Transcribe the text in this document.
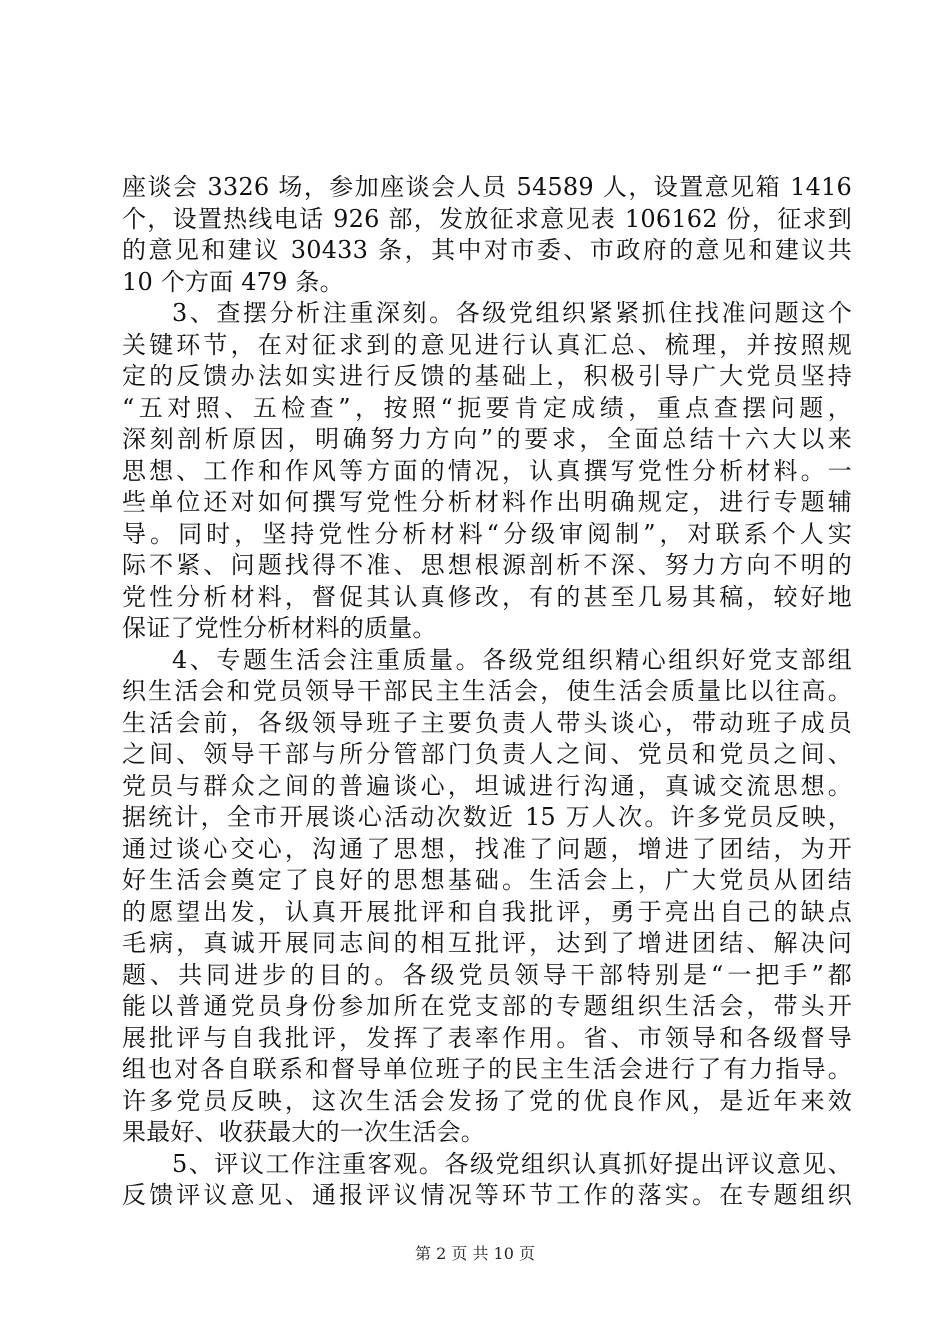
座谈会 3326 场，参加座谈会人员 54589 人，设置意见箱 1416
个，设置热线电话 926 部，发放征求意见表 106162 份，征求到
的意见和建议 30433 条，其中对市委、市政府的意见和建议共
10 个方面 479 条。
3、查摆分析注重深刻。各级党组织紧紧抓住找准问题这个
关键环节，在对征求到的意见进行认真汇总、梳理，并按照规
定的反馈办法如实进行反馈的基础上，积极引导广大党员坚持
“五对照、五检查”，按照“扼要肯定成绩，重点查摆问题，
深刻剖析原因，明确努力方向”的要求，全面总结十六大以来
思想、工作和作风等方面的情况，认真撰写党性分析材料。一
些单位还对如何撰写党性分析材料作出明确规定，进行专题辅
导。同时，坚持党性分析材料“分级审阅制”，对联系个人实
际不紧、问题找得不准、思想根源剖析不深、努力方向不明的
党性分析材料，督促其认真修改，有的甚至几易其稿，较好地
保证了党性分析材料的质量。
4、专题生活会注重质量。各级党组织精心组织好党支部组
织生活会和党员领导干部民主生活会，使生活会质量比以往高。
生活会前，各级领导班子主要负责人带头谈心，带动班子成员
之间、领导干部与所分管部门负责人之间、党员和党员之间、
党员与群众之间的普遍谈心，坦诚进行沟通，真诚交流思想。
据统计，全市开展谈心活动次数近 15 万人次。许多党员反映，
通过谈心交心，沟通了思想，找准了问题，增进了团结，为开
好生活会奠定了良好的思想基础。生活会上，广大党员从团结
的愿望出发，认真开展批评和自我批评，勇于亮出自己的缺点
毛病，真诚开展同志间的相互批评，达到了增进团结、解决问
题、共同进步的目的。各级党员领导干部特别是“一把手”都
能以普通党员身份参加所在党支部的专题组织生活会，带头开
展批评与自我批评，发挥了表率作用。省、市领导和各级督导
组也对各自联系和督导单位班子的民主生活会进行了有力指导。
许多党员反映，这次生活会发扬了党的优良作风，是近年来效
果最好、收获最大的一次生活会。
5、评议工作注重客观。各级党组织认真抓好提出评议意见、
反馈评议意见、通报评议情况等环节工作的落实。在专题组织
第 2 页 共 10 页
